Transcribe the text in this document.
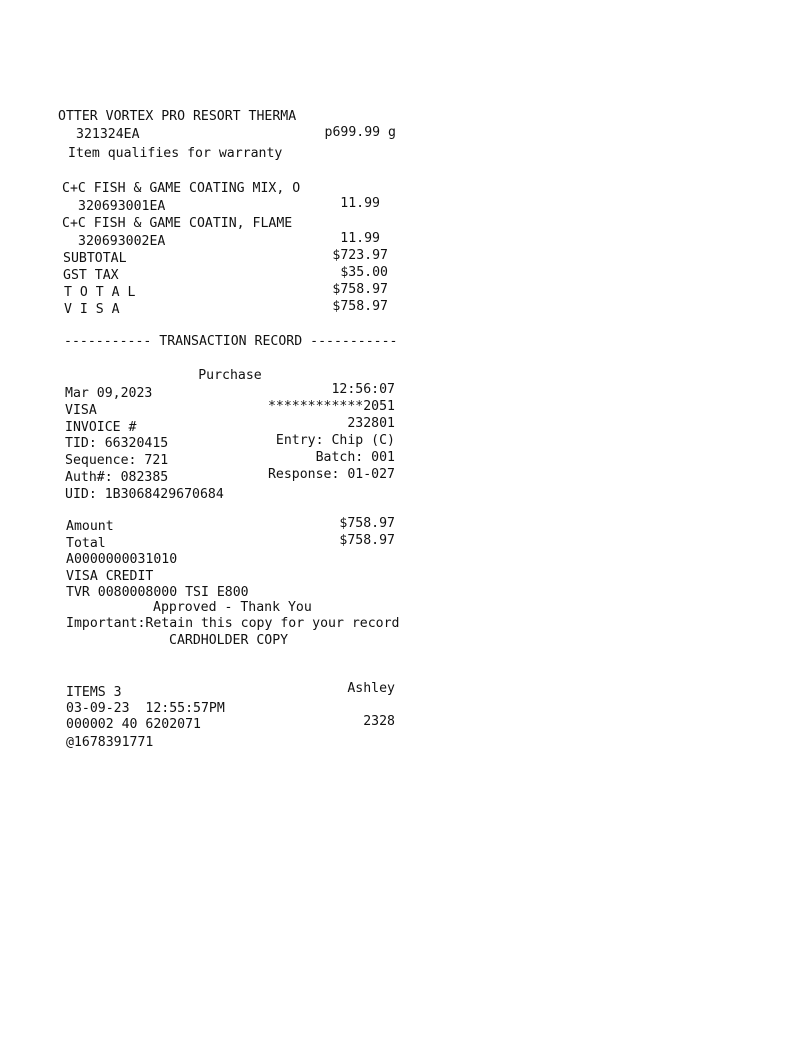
OTTER VORTEX PRO RESORT THERMA
321324EA	p699.99 g
Item qualifies for warranty
C+C FISH & GAME COATING MIX, O
320693001EA	11.99
C+C FISH & GAME COATIN, FLAME
320693002EA	11.99
SUBTOTAL	$723.97
GST TAX	$35.00
T O T A L	$758.97
V I S A	$758.97
----------- TRANSACTION RECORD -----------
Purchase
Mar 09,2023	12:56:07
VISA	************2051
INVOICE #	232801
TID: 66320415	Entry: Chip (C)
Sequence: 721	Batch: 001
Auth#: 082385	Response: 01-027
UID: 1B3068429670684
Amount	$758.97
Total	$758.97
A0000000031010
VISA CREDIT
TVR 0080008000 TSI E800
Approved - Thank You
Important:Retain this copy for your record
CARDHOLDER COPY
ITEMS 3	Ashley
03-09-23  12:55:57PM
000002 40 6202071	2328
@1678391771
